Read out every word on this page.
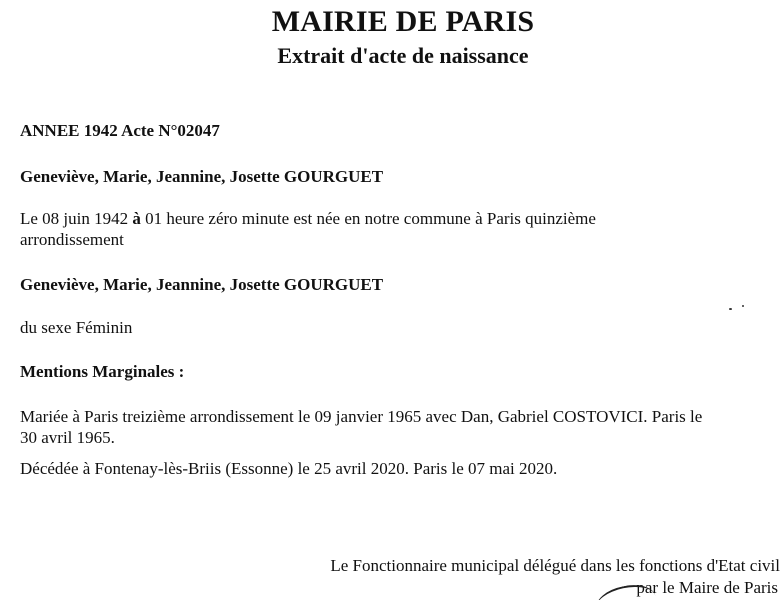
MAIRIE DE PARIS
Extrait d'acte de naissance
ANNEE 1942 Acte N°02047
Geneviève, Marie, Jeannine, Josette GOURGUET
Le 08 juin 1942 à 01 heure zéro minute est née en notre commune à Paris quinzième
arrondissement
Geneviève, Marie, Jeannine, Josette GOURGUET
du sexe Féminin
Mentions Marginales :
Mariée à Paris treizième arrondissement le 09 janvier 1965 avec Dan, Gabriel COSTOVICI. Paris le
30 avril 1965.
Décédée à Fontenay-lès-Briis (Essonne) le 25 avril 2020. Paris le 07 mai 2020.
Le Fonctionnaire municipal délégué dans les fonctions d'Etat civil
par le Maire de Paris
